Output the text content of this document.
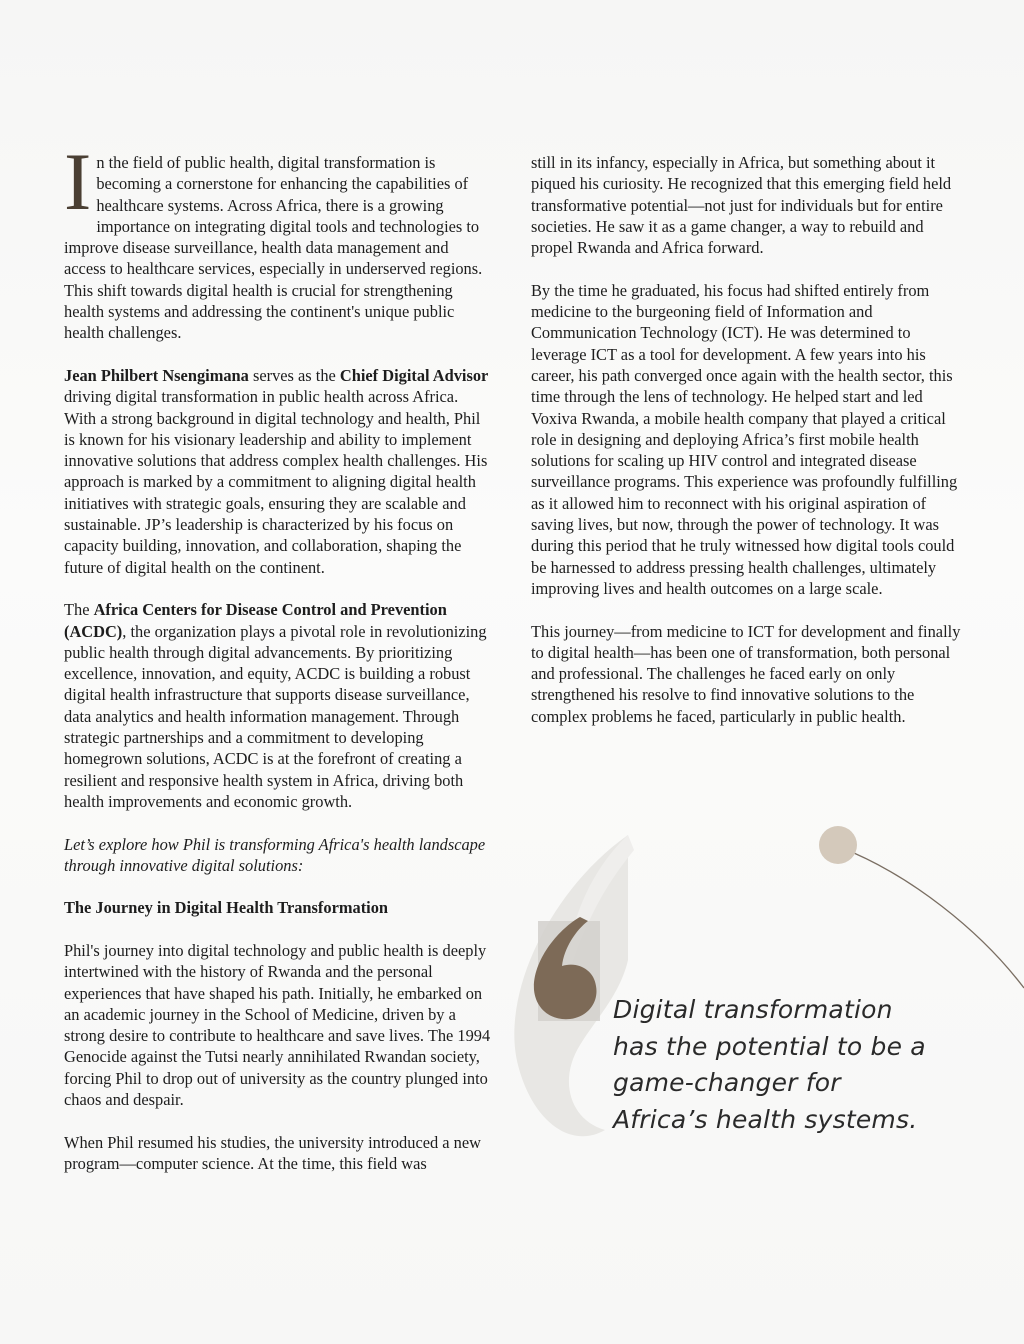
In the field of public health, digital transformation is becoming a cornerstone for enhancing the capabilities of healthcare systems. Across Africa, there is a growing importance on integrating digital tools and technologies to improve disease surveillance, health data management and access to healthcare services, especially in underserved regions. This shift towards digital health is crucial for strengthening health systems and addressing the continent's unique public health challenges.

Jean Philbert Nsengimana serves as the Chief Digital Advisor driving digital transformation in public health across Africa. With a strong background in digital technology and health, Phil is known for his visionary leadership and ability to implement innovative solutions that address complex health challenges. His approach is marked by a commitment to aligning digital health initiatives with strategic goals, ensuring they are scalable and sustainable. JP’s leadership is characterized by his focus on capacity building, innovation, and collaboration, shaping the future of digital health on the continent.

The Africa Centers for Disease Control and Prevention (ACDC), the organization plays a pivotal role in revolutionizing public health through digital advancements. By prioritizing excellence, innovation, and equity, ACDC is building a robust digital health infrastructure that supports disease surveillance, data analytics and health information management. Through strategic partnerships and a commitment to developing homegrown solutions, ACDC is at the forefront of creating a resilient and responsive health system in Africa, driving both health improvements and economic growth.

Let’s explore how Phil is transforming Africa's health landscape through innovative digital solutions:

The Journey in Digital Health Transformation

Phil's journey into digital technology and public health is deeply intertwined with the history of Rwanda and the personal experiences that have shaped his path. Initially, he embarked on an academic journey in the School of Medicine, driven by a strong desire to contribute to healthcare and save lives. The 1994 Genocide against the Tutsi nearly annihilated Rwandan society, forcing Phil to drop out of university as the country plunged into chaos and despair.

When Phil resumed his studies, the university introduced a new program—computer science. At the time, this field was

still in its infancy, especially in Africa, but something about it piqued his curiosity. He recognized that this emerging field held transformative potential—not just for individuals but for entire societies. He saw it as a game changer, a way to rebuild and propel Rwanda and Africa forward.

By the time he graduated, his focus had shifted entirely from medicine to the burgeoning field of Information and Communication Technology (ICT). He was determined to leverage ICT as a tool for development. A few years into his career, his path converged once again with the health sector, this time through the lens of technology. He helped start and led Voxiva Rwanda, a mobile health company that played a critical role in designing and deploying Africa’s first mobile health solutions for scaling up HIV control and integrated disease surveillance programs. This experience was profoundly fulfilling as it allowed him to reconnect with his original aspiration of saving lives, but now, through the power of technology. It was during this period that he truly witnessed how digital tools could be harnessed to address pressing health challenges, ultimately improving lives and health outcomes on a large scale.

This journey—from medicine to ICT for development and finally to digital health—has been one of transformation, both personal and professional. The challenges he faced early on only strengthened his resolve to find innovative solutions to the complex problems he faced, particularly in public health.

Digital transformation has the potential to be a game-changer for Africa’s health systems.
